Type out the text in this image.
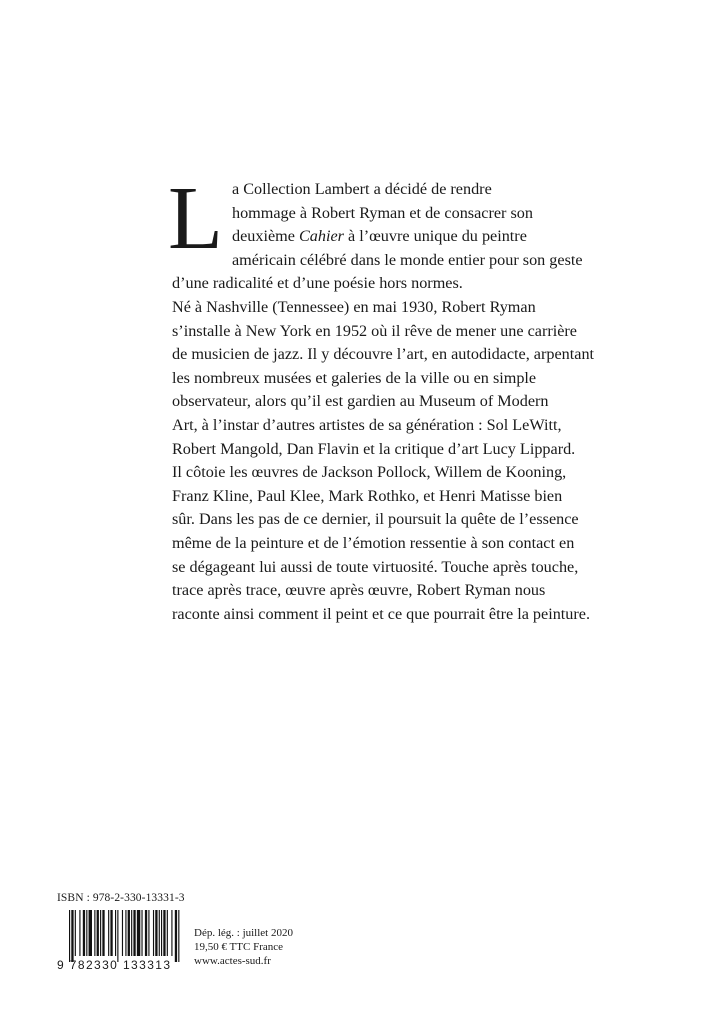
L a Collection Lambert a décidé de rendre
hommage à Robert Ryman et de consacrer son
deuxième Cahier à l’œuvre unique du peintre
américain célébré dans le monde entier pour son geste
d’une radicalité et d’une poésie hors normes.
Né à Nashville (Tennessee) en mai 1930, Robert Ryman
s’installe à New York en 1952 où il rêve de mener une carrière
de musicien de jazz. Il y découvre l’art, en autodidacte, arpentant
les nombreux musées et galeries de la ville ou en simple
observateur, alors qu’il est gardien au Museum of Modern
Art, à l’instar d’autres artistes de sa génération : Sol LeWitt,
Robert Mangold, Dan Flavin et la critique d’art Lucy Lippard.
Il côtoie les œuvres de Jackson Pollock, Willem de Kooning,
Franz Kline, Paul Klee, Mark Rothko, et Henri Matisse bien
sûr. Dans les pas de ce dernier, il poursuit la quête de l’essence
même de la peinture et de l’émotion ressentie à son contact en
se dégageant lui aussi de toute virtuosité. Touche après touche,
trace après trace, œuvre après œuvre, Robert Ryman nous
raconte ainsi comment il peint et ce que pourrait être la peinture.
ISBN : 978-2-330-13331-3
9 782330 133313
Dép. lég. : juillet 2020
19,50 € TTC France
www.actes-sud.fr
